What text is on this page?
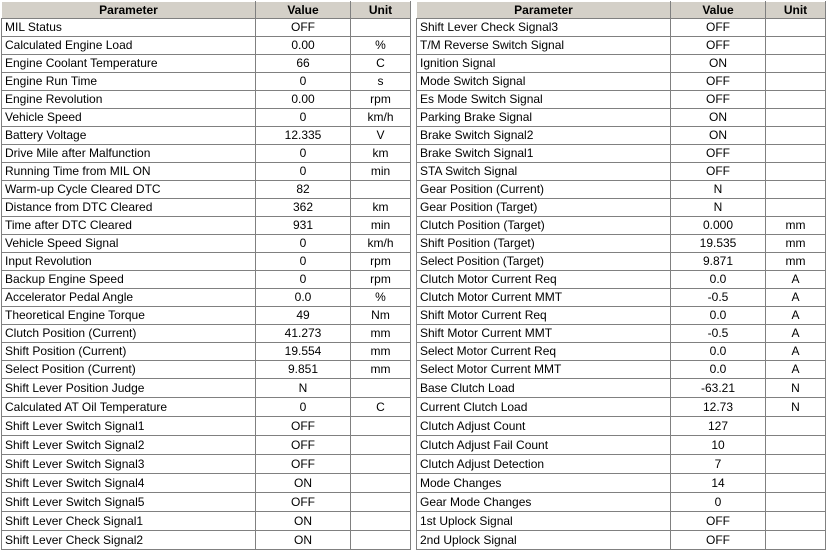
Parameter	Value	Unit
MIL Status	OFF	
Calculated Engine Load	0.00	%
Engine Coolant Temperature	66	C
Engine Run Time	0	s
Engine Revolution	0.00	rpm
Vehicle Speed	0	km/h
Battery Voltage	12.335	V
Drive Mile after Malfunction	0	km
Running Time from MIL ON	0	min
Warm-up Cycle Cleared DTC	82	
Distance from DTC Cleared	362	km
Time after DTC Cleared	931	min
Vehicle Speed Signal	0	km/h
Input Revolution	0	rpm
Backup Engine Speed	0	rpm
Accelerator Pedal Angle	0.0	%
Theoretical Engine Torque	49	Nm
Clutch Position (Current)	41.273	mm
Shift Position (Current)	19.554	mm
Select Position (Current)	9.851	mm
Shift Lever Position Judge	N	
Calculated AT Oil Temperature	0	C
Shift Lever Switch Signal1	OFF	
Shift Lever Switch Signal2	OFF	
Shift Lever Switch Signal3	OFF	
Shift Lever Switch Signal4	ON	
Shift Lever Switch Signal5	OFF	
Shift Lever Check Signal1	ON	
Shift Lever Check Signal2	ON	
Parameter	Value	Unit
Shift Lever Check Signal3	OFF	
T/M Reverse Switch Signal	OFF	
Ignition Signal	ON	
Mode Switch Signal	OFF	
Es Mode Switch Signal	OFF	
Parking Brake Signal	ON	
Brake Switch Signal2	ON	
Brake Switch Signal1	OFF	
STA Switch Signal	OFF	
Gear Position (Current)	N	
Gear Position (Target)	N	
Clutch Position (Target)	0.000	mm
Shift Position (Target)	19.535	mm
Select Position (Target)	9.871	mm
Clutch Motor Current Req	0.0	A
Clutch Motor Current MMT	-0.5	A
Shift Motor Current Req	0.0	A
Shift Motor Current MMT	-0.5	A
Select Motor Current Req	0.0	A
Select Motor Current MMT	0.0	A
Base Clutch Load	-63.21	N
Current Clutch Load	12.73	N
Clutch Adjust Count	127	
Clutch Adjust Fail Count	10	
Clutch Adjust Detection	7	
Mode Changes	14	
Gear Mode Changes	0	
1st Uplock Signal	OFF	
2nd Uplock Signal	OFF	
